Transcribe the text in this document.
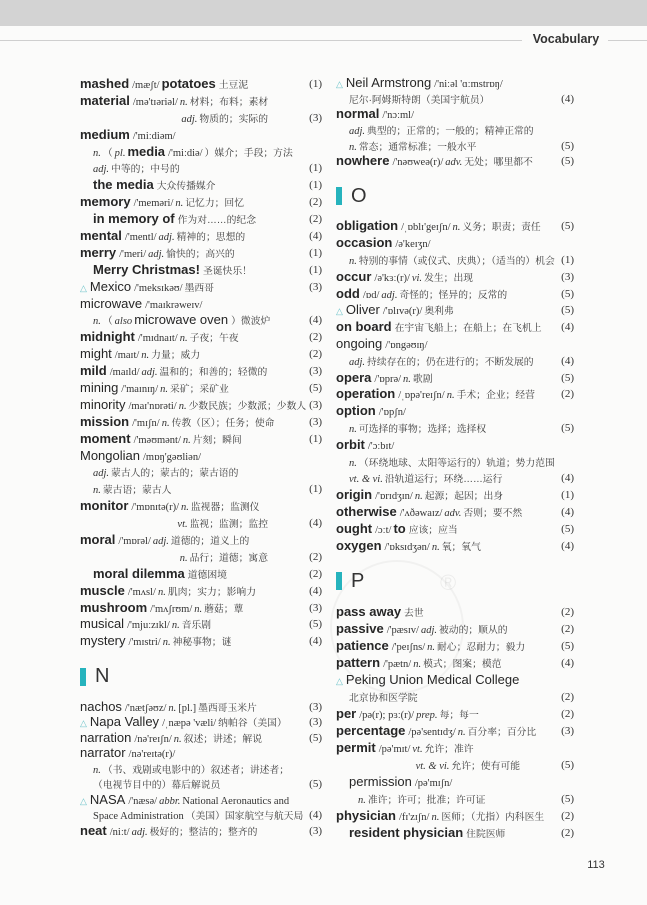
Vocabulary
®
mashed /mæʃt/ potatoes 土豆泥	(1)
material /mə'tɪəriəl/ n. 材料；布料；素材
adj. 物质的；实际的	(3)
medium /'miːdiəm/
n. （ pl. media /'miːdiə/ ）媒介；手段；方法
adj. 中等的；中号的	(1)
the media 大众传播媒介	(1)
memory /'meməri/ n. 记忆力；回忆	(2)
in memory of 作为对……的纪念	(2)
mental /'mentl/ adj. 精神的；思想的	(4)
merry /'meri/ adj. 愉快的；高兴的	(1)
Merry Christmas! 圣诞快乐！	(1)
△ Mexico /'meksɪkəʊ/ 墨西哥	(3)
microwave /'maɪkrəweɪv/
n. （ also microwave oven ）微波炉	(4)
midnight /'mɪdnaɪt/ n. 子夜；午夜	(2)
might /maɪt/ n. 力量；威力	(2)
mild /maɪld/ adj. 温和的；和善的；轻微的	(3)
mining /'maɪnɪŋ/ n. 采矿；采矿业	(5)
minority /maɪ'nɒrəti/ n. 少数民族；少数派；少数人 (3)
mission /'mɪʃn/ n. 传教（区）；任务；使命	(3)
moment /'məʊmənt/ n. 片刻；瞬间	(1)
Mongolian /mɒŋ'gəʊliən/
adj. 蒙古人的；蒙古的；蒙古语的
n. 蒙古语；蒙古人	(1)
monitor /'mɒnɪtə(r)/ n. 监视器；监测仪
vt. 监视；监测；监控	(4)
moral /'mɒrəl/ adj. 道德的；道义上的
n. 品行；道德；寓意	(2)
moral dilemma 道德困境	(2)
muscle /'mʌsl/ n. 肌肉；实力；影响力	(4)
mushroom /'mʌʃrʊm/ n. 蘑菇；蕈	(3)
musical /'mjuːzɪkl/ n. 音乐剧	(5)
mystery /'mɪstri/ n. 神秘事物；谜	(4)
N
nachos /'nætʃəʊz/ n. [pl.] 墨西哥玉米片	(3)
△ Napa Valley /ˌnæpə 'væli/ 纳帕谷（美国）	(3)
narration /nə'reɪʃn/ n. 叙述；讲述；解说	(5)
narrator /nə'reɪtə(r)/
n. （书、戏剧或电影中的）叙述者；讲述者；
（电视节目中的）幕后解说员	(5)
△ NASA /'næsə/ abbr. National Aeronautics and
Space Administration （美国）国家航空与航天局 (4)
neat /niːt/ adj. 极好的；整洁的；整齐的	(3)
△ Neil Armstrong /'niːəl 'ɑːmstrɒŋ/
尼尔·阿姆斯特朗（美国宇航员）	(4)
normal /'nɔːml/
adj. 典型的；正常的；一般的；精神正常的
n. 常态；通常标准；一般水平	(5)
nowhere /'nəʊweə(r)/ adv. 无处；哪里都不	(5)
O
obligation /ˌɒblɪ'geɪʃn/ n. 义务；职责；责任	(5)
occasion /ə'keɪʒn/
n. 特别的事情（或仪式、庆典）；（适当的）机会 (1)
occur /ə'kɜː(r)/ vi. 发生；出现	(3)
odd /ɒd/ adj. 奇怪的；怪异的；反常的	(5)
△ Oliver /'ɒlɪvə(r)/ 奥利弗	(5)
on board 在宇宙飞船上；在船上；在飞机上	(4)
ongoing /'ɒngəʊɪŋ/
adj. 持续存在的；仍在进行的；不断发展的	(4)
opera /'ɒprə/ n. 歌剧	(5)
operation /ˌɒpə'reɪʃn/ n. 手术；企业；经营	(2)
option /'ɒpʃn/
n. 可选择的事物；选择；选择权	(5)
orbit /'ɔːbɪt/
n. （环绕地球、太阳等运行的）轨道；势力范围
vt. & vi. 沿轨道运行；环绕……运行	(4)
origin /'ɒrɪdʒɪn/ n. 起源；起因；出身	(1)
otherwise /'ʌðəwaɪz/ adv. 否则；要不然	(4)
ought /ɔːt/ to 应该；应当	(5)
oxygen /'ɒksɪdʒən/ n. 氧；氧气	(4)
P
pass away 去世	(2)
passive /'pæsɪv/ adj. 被动的；顺从的	(2)
patience /'peɪʃns/ n. 耐心；忍耐力；毅力	(5)
pattern /'pætn/ n. 模式；图案；模范	(4)
△ Peking Union Medical College
北京协和医学院	(2)
per /pə(r); pɜː(r)/ prep. 每；每一	(2)
percentage /pə'sentɪdʒ/ n. 百分率；百分比	(3)
permit /pə'mɪt/ vt. 允许；准许
vt. & vi. 允许；使有可能	(5)
permission /pə'mɪʃn/
n. 准许；许可；批准；许可证	(5)
physician /fɪ'zɪʃn/ n. 医师；（尤指）内科医生	(2)
resident physician 住院医师	(2)
113
